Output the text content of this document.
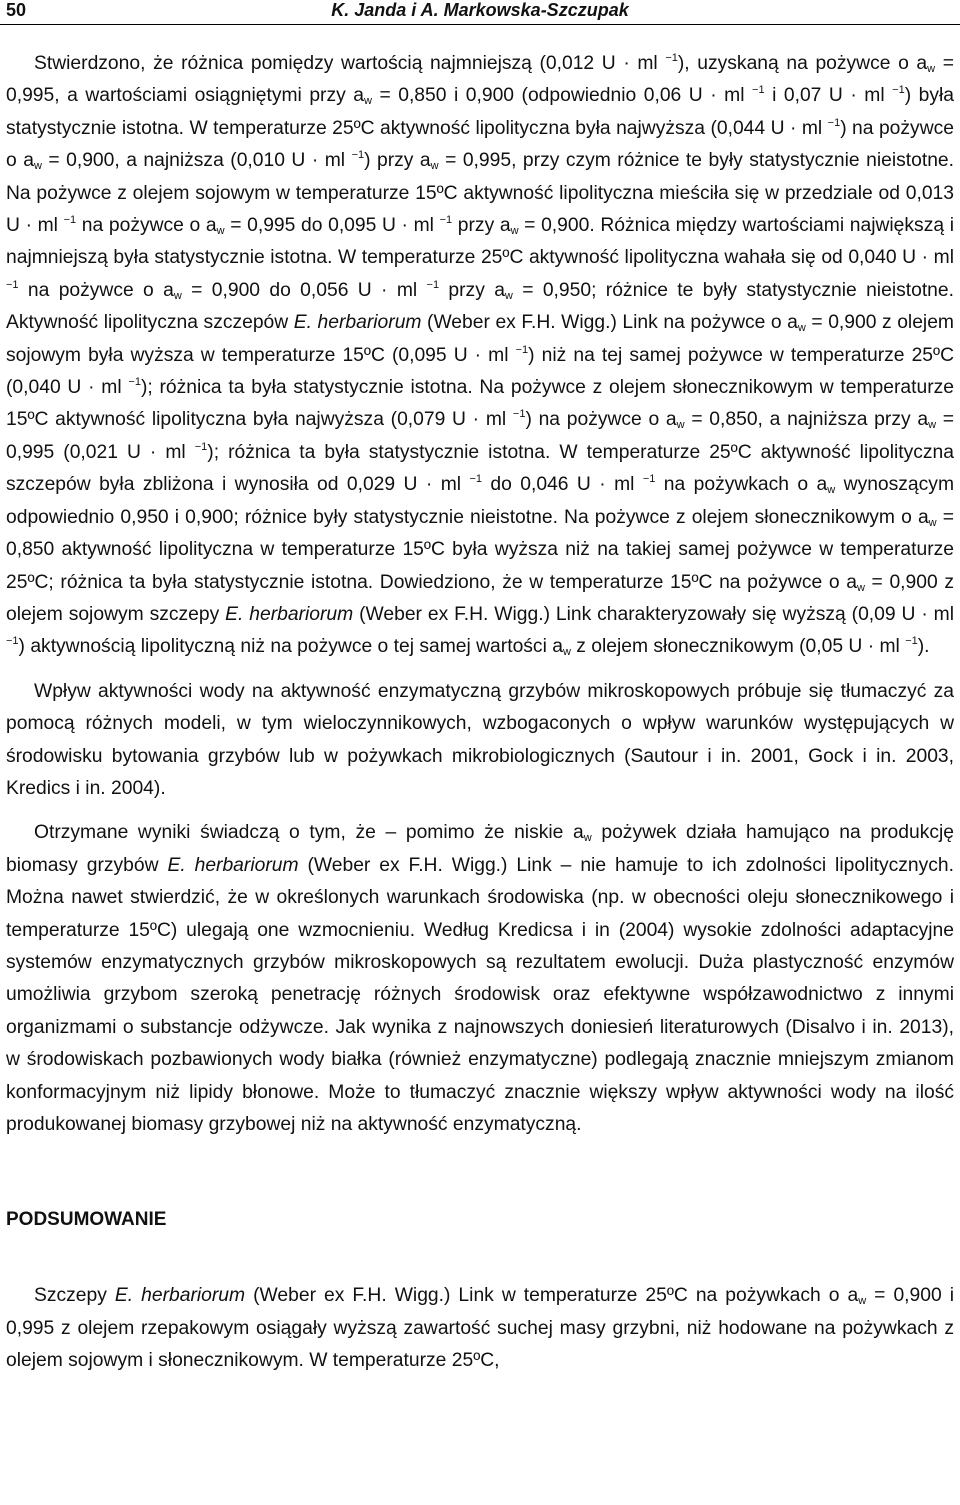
50	K. Janda i A. Markowska-Szczupak

Stwierdzono, że różnica pomiędzy wartością najmniejszą (0,012 U · ml $^{-1}$), uzyskaną na pożywce o $a_w = 0,995$, a wartościami osiągniętymi przy $a_w = 0,850$ i 0,900 (odpowiednio 0,06 U · ml $^{-1}$ i 0,07 U · ml $^{-1}$) była statystycznie istotna. W temperaturze 25ºC aktywność lipolityczna była najwyższa (0,044 U · ml $^{-1}$) na pożywce o $a_w = 0,900$, a najniższa (0,010 U · ml $^{-1}$) przy $a_w = 0,995$, przy czym różnice te były statystycznie nieistotne. Na pożywce z olejem sojowym w temperaturze 15ºC aktywność lipolityczna mieściła się w przedziale od 0,013 U · ml $^{-1}$ na pożywce o $a_w = 0,995$ do 0,095 U · ml $^{-1}$ przy $a_w = 0,900$. Różnica między wartościami największą i najmniejszą była statystycznie istotna. W temperaturze 25ºC aktywność lipolityczna wahała się od 0,040 U · ml $^{-1}$ na pożywce o $a_w = 0,900$ do 0,056 U · ml $^{-1}$ przy $a_w = 0,950$; różnice te były statystycznie nieistotne. Aktywność lipolityczna szczepów E. herbariorum (Weber ex F.H. Wigg.) Link na pożywce o $a_w = 0,900$ z olejem sojowym była wyższa w temperaturze 15ºC (0,095 U · ml $^{-1}$) niż na tej samej pożywce w temperaturze 25ºC (0,040 U · ml $^{-1}$); różnica ta była statystycznie istotna. Na pożywce z olejem słonecznikowym w temperaturze 15ºC aktywność lipolityczna była najwyższa (0,079 U · ml $^{-1}$) na pożywce o $a_w = 0,850$, a najniższa przy $a_w = 0,995$ (0,021 U · ml $^{-1}$); różnica ta była statystycznie istotna. W temperaturze 25ºC aktywność lipolityczna szczepów była zbliżona i wynosiła od 0,029 U · ml $^{-1}$ do 0,046 U · ml $^{-1}$ na pożywkach o $a_w$ wynoszącym odpowiednio 0,950 i 0,900; różnice były statystycznie nieistotne. Na pożywce z olejem słonecznikowym o $a_w = 0,850$ aktywność lipolityczna w temperaturze 15ºC była wyższa niż na takiej samej pożywce w temperaturze 25ºC; różnica ta była statystycznie istotna. Dowiedziono, że w temperaturze 15ºC na pożywce o $a_w = 0,900$ z olejem sojowym szczepy E. herbariorum (Weber ex F.H. Wigg.) Link charakteryzowały się wyższą (0,09 U · ml $^{-1}$) aktywnością lipolityczną niż na pożywce o tej samej wartości $a_w$ z olejem słonecznikowym (0,05 U · ml $^{-1}$).

Wpływ aktywności wody na aktywność enzymatyczną grzybów mikroskopowych próbuje się tłumaczyć za pomocą różnych modeli, w tym wieloczynnikowych, wzbogaconych o wpływ warunków występujących w środowisku bytowania grzybów lub w pożywkach mikrobiologicznych (Sautour i in. 2001, Gock i in. 2003, Kredics i in. 2004).

Otrzymane wyniki świadczą o tym, że – pomimo że niskie $a_w$ pożywek działa hamująco na produkcję biomasy grzybów E. herbariorum (Weber ex F.H. Wigg.) Link – nie hamuje to ich zdolności lipolitycznych. Można nawet stwierdzić, że w określonych warunkach środowiska (np. w obecności oleju słonecznikowego i temperaturze 15ºC) ulegają one wzmocnieniu. Według Kredicsa i in (2004) wysokie zdolności adaptacyjne systemów enzymatycznych grzybów mikroskopowych są rezultatem ewolucji. Duża plastyczność enzymów umożliwia grzybom szeroką penetrację różnych środowisk oraz efektywne współzawodnictwo z innymi organizmami o substancje odżywcze. Jak wynika z najnowszych doniesień literaturowych (Disalvo i in. 2013), w środowiskach pozbawionych wody białka (również enzymatyczne) podlegają znacznie mniejszym zmianom konformacyjnym niż lipidy błonowe. Może to tłumaczyć znacznie większy wpływ aktywności wody na ilość produkowanej biomasy grzybowej niż na aktywność enzymatyczną.

PODSUMOWANIE

Szczepy E. herbariorum (Weber ex F.H. Wigg.) Link w temperaturze 25ºC na pożywkach o $a_w = 0,900$ i 0,995 z olejem rzepakowym osiągały wyższą zawartość suchej masy grzybni, niż hodowane na pożywkach z olejem sojowym i słonecznikowym. W temperaturze 25ºC,
